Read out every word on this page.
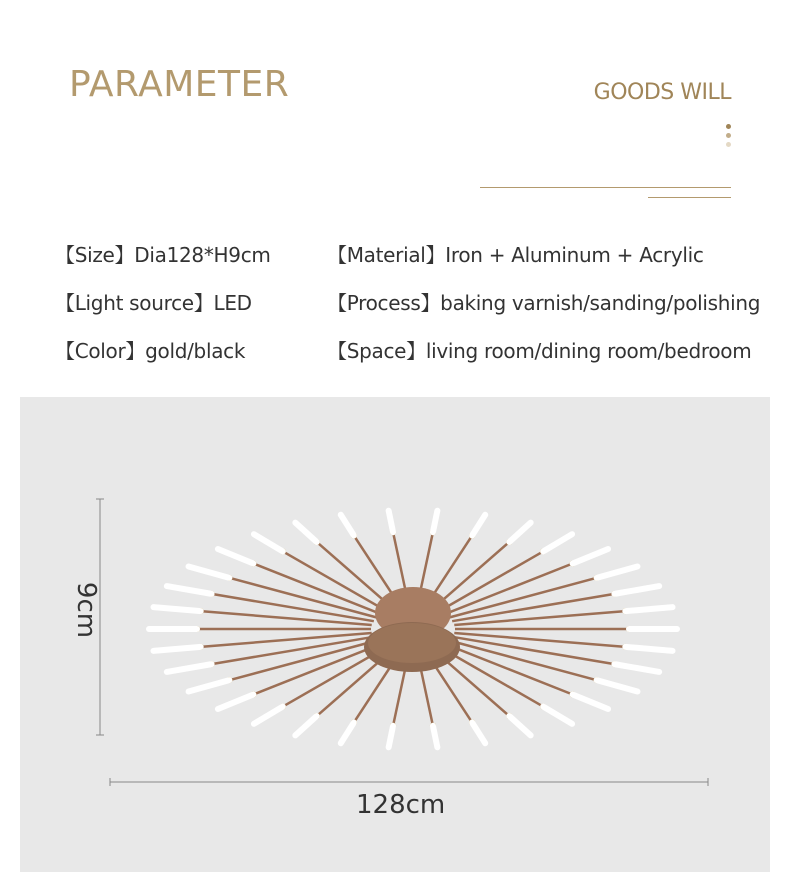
PARAMETER	GOODS WILL
【Size】Dia128*H9cm	【Material】Iron + Aluminum + Acrylic
【Light source】LED	【Process】baking varnish/sanding/polishing
【Color】gold/black	【Space】living room/dining room/bedroom
128cm
9cm
